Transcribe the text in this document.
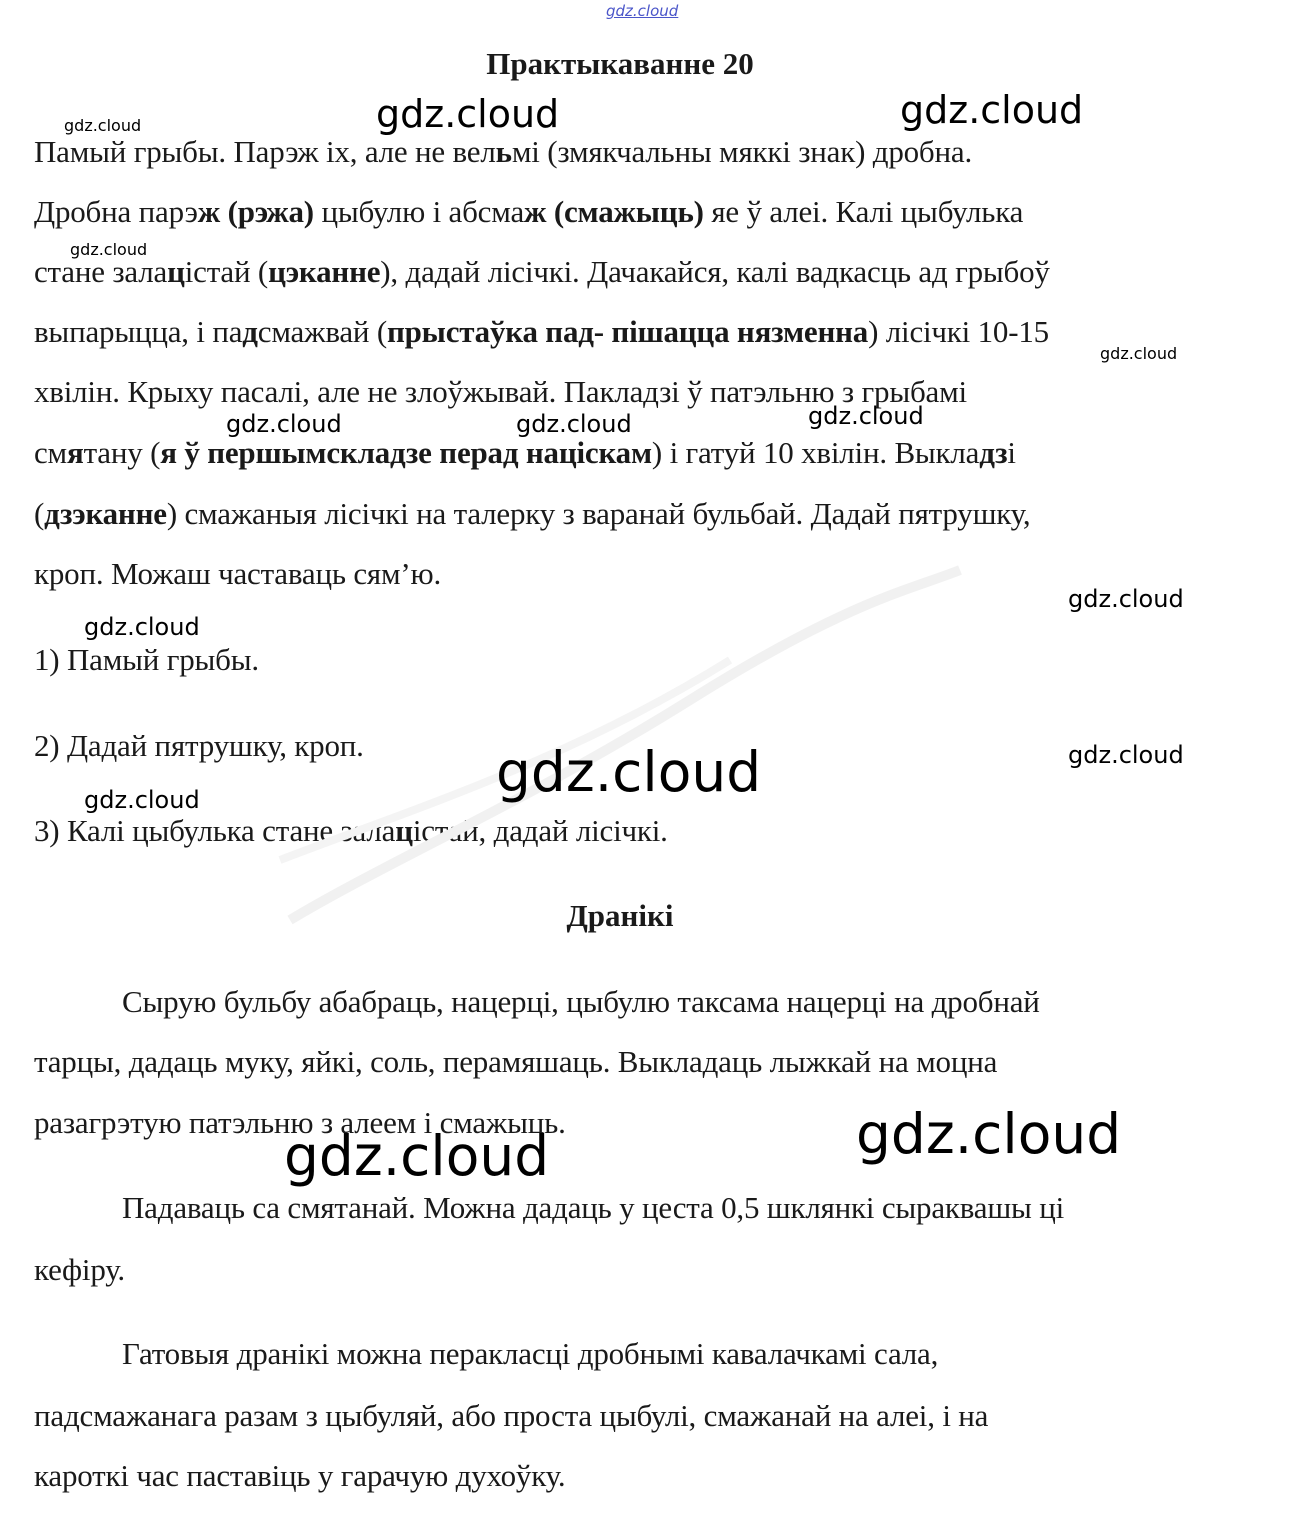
gdz.cloud
Практыкаванне 20
Памый грыбы. Парэж іх, але не вельмі (змякчальны мяккі знак) дробна.
Дробна парэж (рэжа) цыбулю і абсмаж (смажыць) яе ў алеі. Калі цыбулька
стане залацістай (цэканне), дадай лісічкі. Дачакайся, калі вадкасць ад грыбоў
выпарыцца, і падсмажвай (прыстаўка пад- пішацца нязменна) лісічкі 10-15
хвілін. Крыху пасалі, але не злоўжывай. Пакладзі ў патэльню з грыбамі
смятану (я ў першымскладзе перад націскам) і гатуй 10 хвілін. Выкладзі
(дзэканне) смажаныя лісічкі на талерку з варанай бульбай. Дадай пятрушку,
кроп. Можаш частаваць сям’ю.
1) Памый грыбы.
2) Дадай пятрушку, кроп.
3) Калі цыбулька стане залацістай, дадай лісічкі.
Дранікі
Сырую бульбу абабраць, нацерці, цыбулю таксама нацерці на дробнай
тарцы, дадаць муку, яйкі, соль, перамяшаць. Выкладаць лыжкай на моцна
разагрэтую патэльню з алеем і смажыць.
Падаваць са смятанай. Можна дадаць у цеста 0,5 шклянкі сыраквашы ці
кефіру.
Гатовыя дранікі можна перакласці дробнымі кавалачкамі сала,
падсмажанага разам з цыбуляй, або проста цыбулі, смажанай на алеі, і на
кароткі час паставіць у гарачую духоўку.
gdz.cloud	gdz.cloud	gdz.cloud
gdz.cloud
gdz.cloud
gdz.cloud	gdz.cloud	gdz.cloud
gdz.cloud
gdz.cloud
gdz.cloud
gdz.cloud
gdz.cloud
gdz.cloud
gdz.cloud
